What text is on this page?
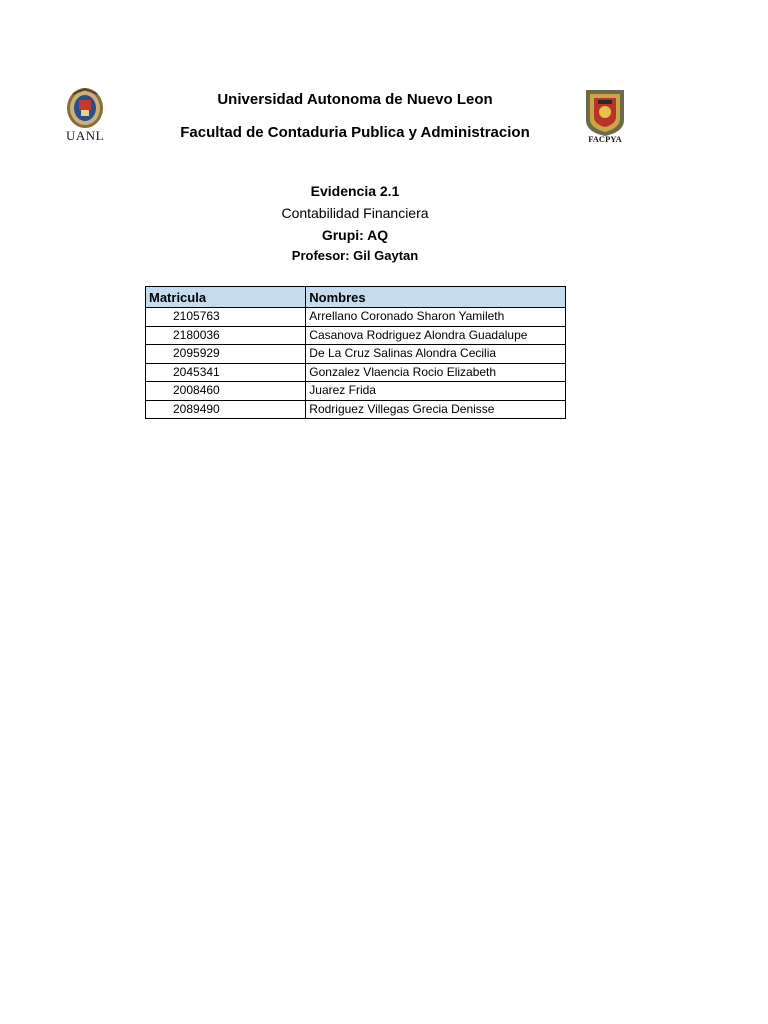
UANL	FACPYA
Universidad Autonoma de Nuevo Leon
Facultad de Contaduria Publica y Administracion
Evidencia 2.1
Contabilidad Financiera
Grupi: AQ
Profesor: Gil Gaytan
Matricula	Nombres
2105763	Arrellano Coronado Sharon Yamileth
2180036	Casanova Rodriguez Alondra Guadalupe
2095929	De La Cruz Salinas Alondra Cecilia
2045341	Gonzalez Vlaencia Rocio Elizabeth
2008460	Juarez Frida
2089490	Rodriguez Villegas Grecia Denisse
